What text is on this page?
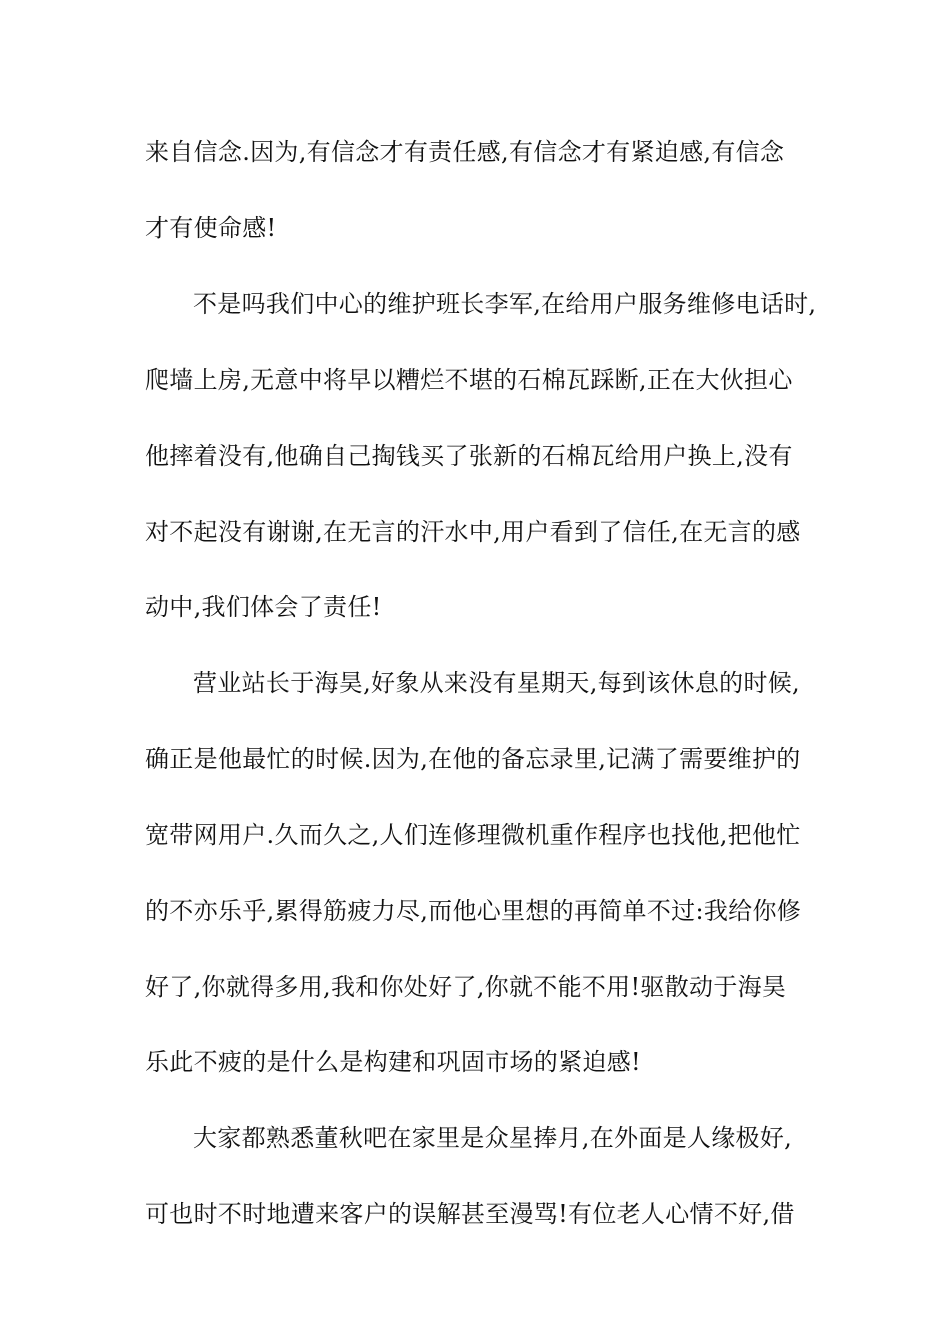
来自信念.因为,有信念才有责任感,有信念才有紧迫感,有信念
才有使命感!
不是吗我们中心的维护班长李军,在给用户服务维修电话时,
爬墙上房,无意中将早以糟烂不堪的石棉瓦踩断,正在大伙担心
他摔着没有,他确自己掏钱买了张新的石棉瓦给用户换上,没有
对不起没有谢谢,在无言的汗水中,用户看到了信任,在无言的感
动中,我们体会了责任!
营业站长于海昊,好象从来没有星期天,每到该休息的时候,
确正是他最忙的时候.因为,在他的备忘录里,记满了需要维护的
宽带网用户.久而久之,人们连修理微机重作程序也找他,把他忙
的不亦乐乎,累得筋疲力尽,而他心里想的再简单不过:我给你修
好了,你就得多用,我和你处好了,你就不能不用!驱散动于海昊
乐此不疲的是什么是构建和巩固市场的紧迫感!
大家都熟悉董秋吧在家里是众星捧月,在外面是人缘极好,
可也时不时地遭来客户的误解甚至漫骂!有位老人心情不好,借
